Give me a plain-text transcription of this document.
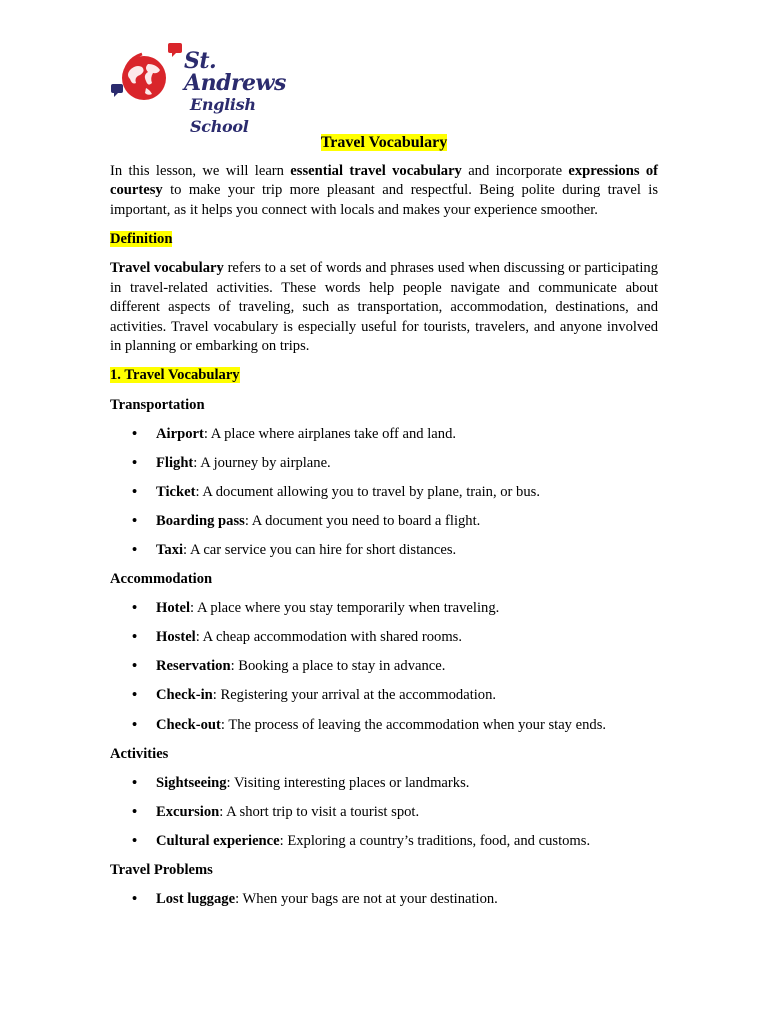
St. Andrews
English School
Travel Vocabulary

In this lesson, we will learn essential travel vocabulary and incorporate expressions of courtesy to make your trip more pleasant and respectful. Being polite during travel is important, as it helps you connect with locals and makes your experience smoother.

Definition

Travel vocabulary refers to a set of words and phrases used when discussing or participating in travel-related activities. These words help people navigate and communicate about different aspects of traveling, such as transportation, accommodation, destinations, and activities. Travel vocabulary is especially useful for tourists, travelers, and anyone involved in planning or embarking on trips.

1. Travel Vocabulary
Transportation
• Airport: A place where airplanes take off and land.
• Flight: A journey by airplane.
• Ticket: A document allowing you to travel by plane, train, or bus.
• Boarding pass: A document you need to board a flight.
• Taxi: A car service you can hire for short distances.
Accommodation
• Hotel: A place where you stay temporarily when traveling.
• Hostel: A cheap accommodation with shared rooms.
• Reservation: Booking a place to stay in advance.
• Check-in: Registering your arrival at the accommodation.
• Check-out: The process of leaving the accommodation when your stay ends.
Activities
• Sightseeing: Visiting interesting places or landmarks.
• Excursion: A short trip to visit a tourist spot.
• Cultural experience: Exploring a country’s traditions, food, and customs.
Travel Problems
• Lost luggage: When your bags are not at your destination.
